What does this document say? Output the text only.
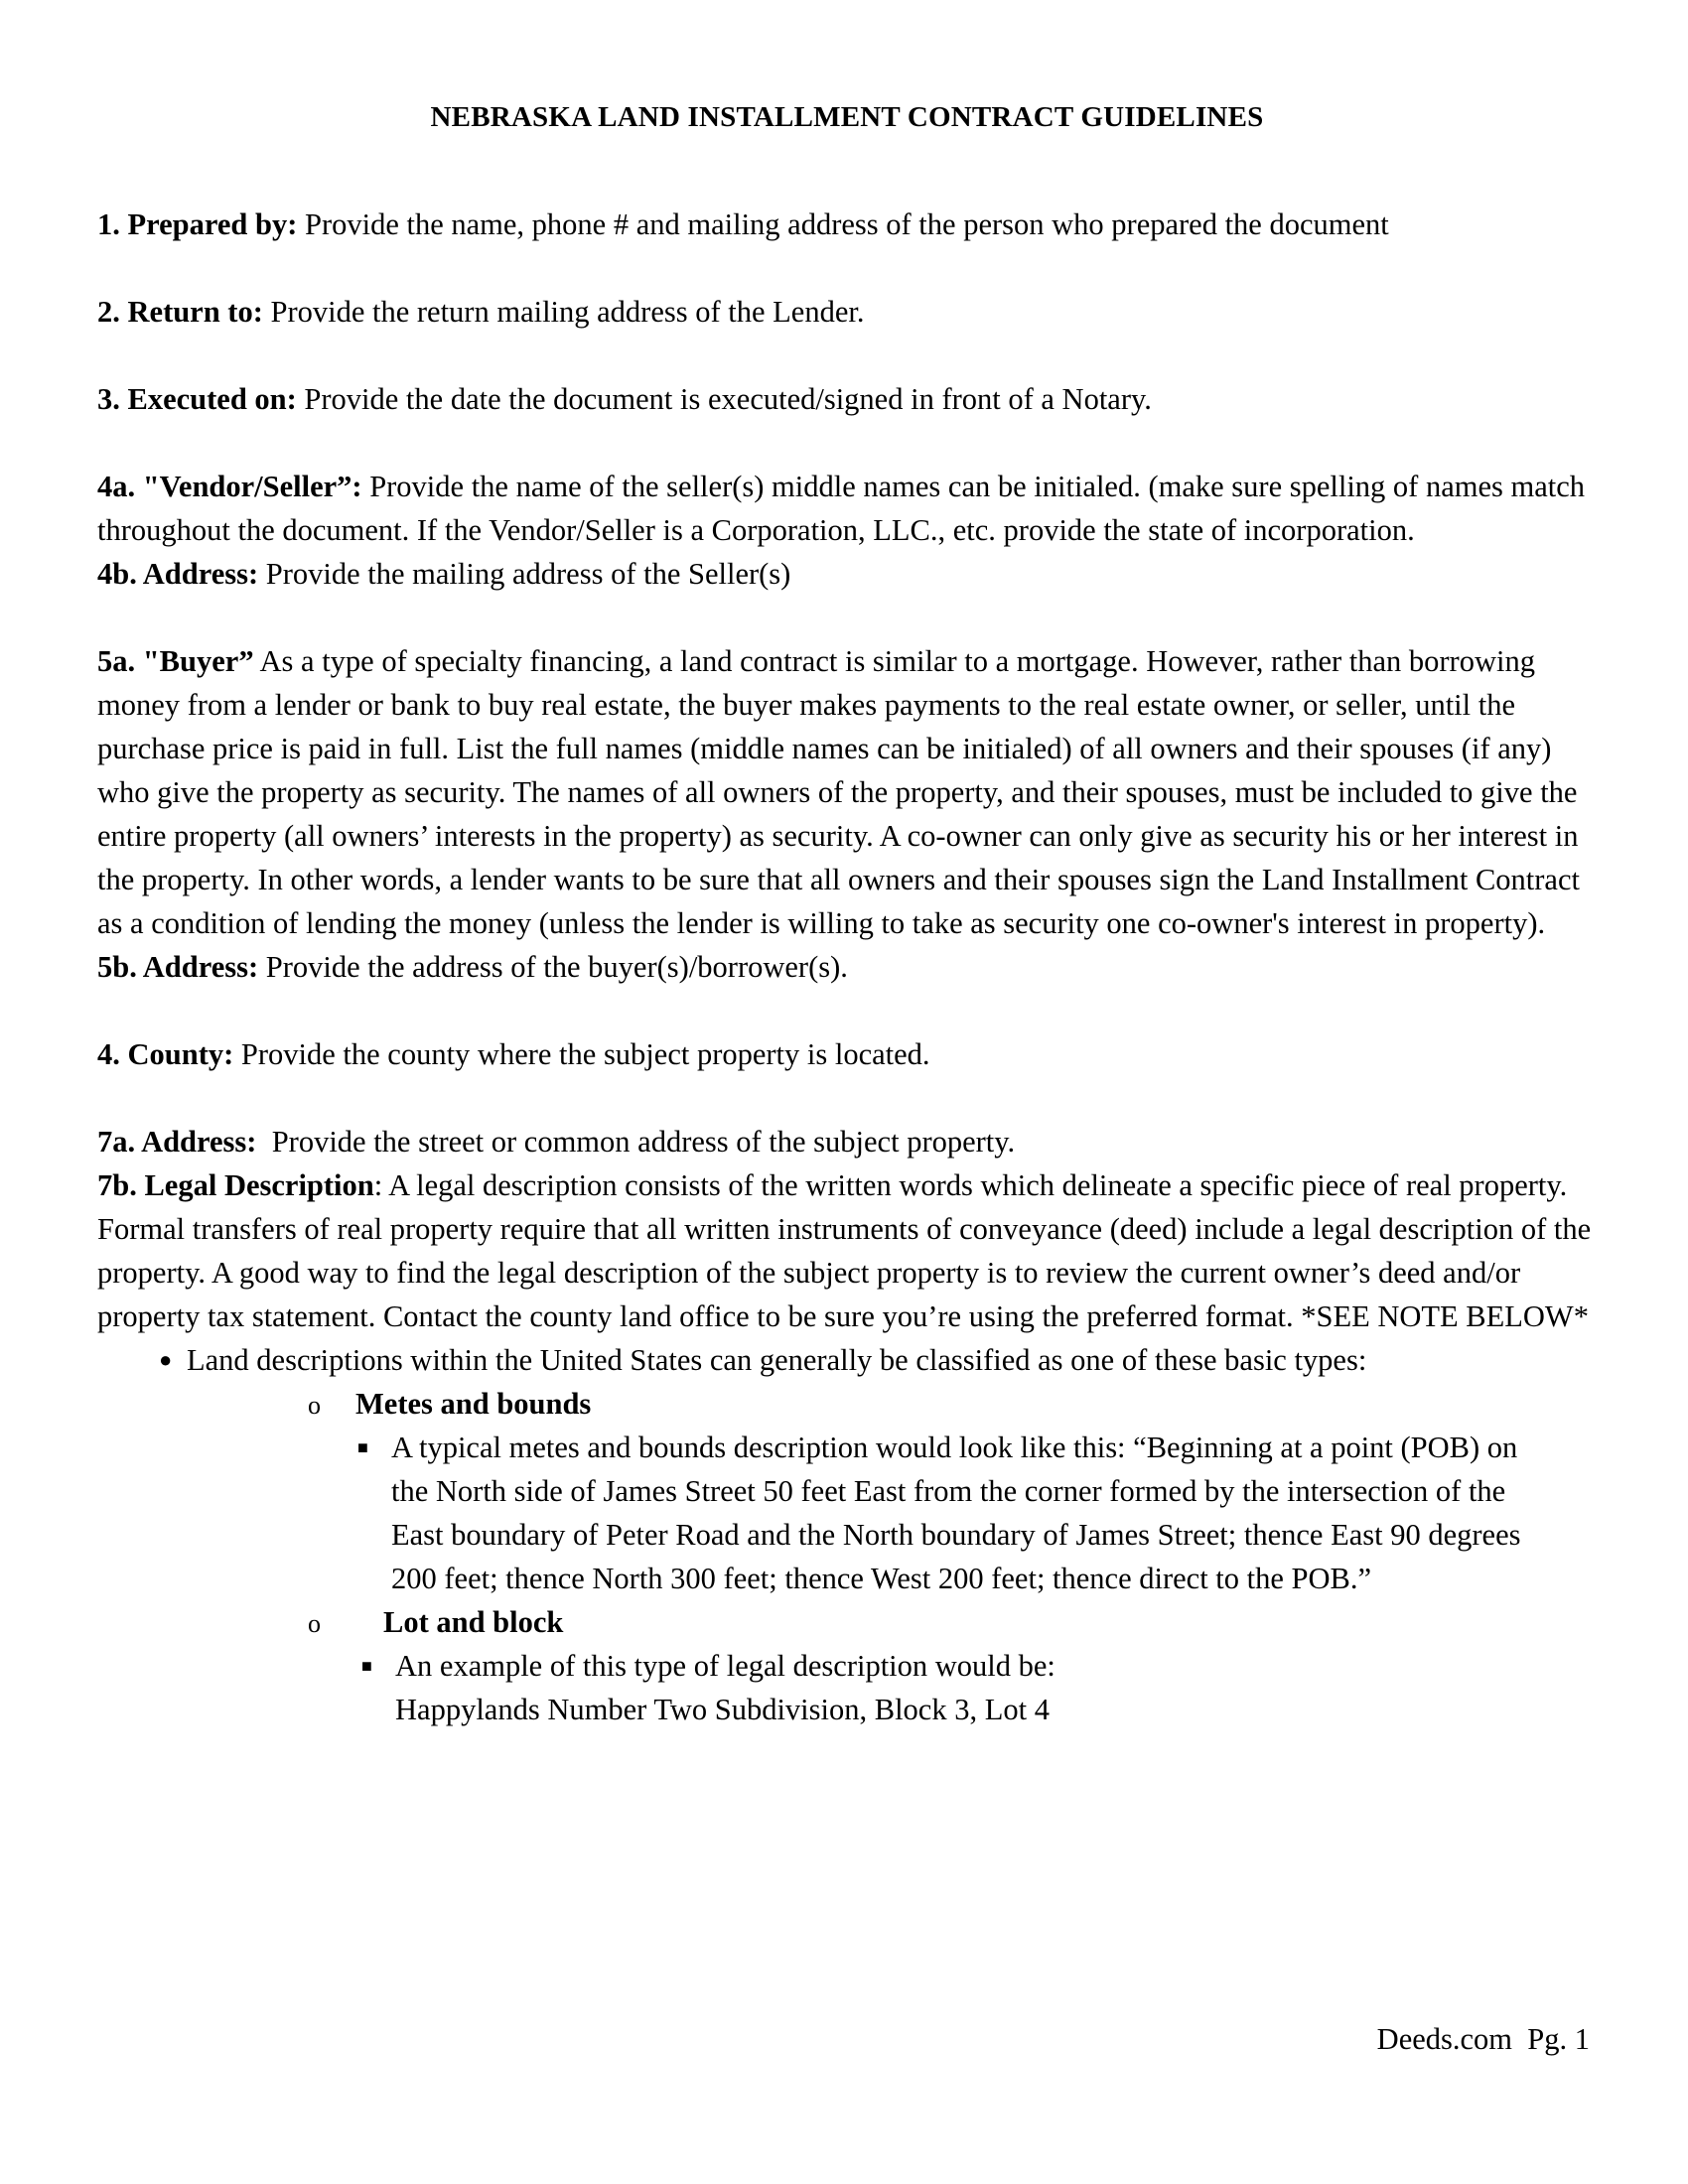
NEBRASKA LAND INSTALLMENT CONTRACT GUIDELINES

1. Prepared by: Provide the name, phone # and mailing address of the person who prepared the document

2. Return to: Provide the return mailing address of the Lender.

3. Executed on: Provide the date the document is executed/signed in front of a Notary.

4a. "Vendor/Seller”: Provide the name of the seller(s) middle names can be initialed. (make sure spelling of names match throughout the document. If the Vendor/Seller is a Corporation, LLC., etc. provide the state of incorporation.

4b. Address: Provide the mailing address of the Seller(s)

5a. "Buyer” As a type of specialty financing, a land contract is similar to a mortgage. However, rather than borrowing money from a lender or bank to buy real estate, the buyer makes payments to the real estate owner, or seller, until the purchase price is paid in full. List the full names (middle names can be initialed) of all owners and their spouses (if any) who give the property as security. The names of all owners of the property, and their spouses, must be included to give the entire property (all owners’ interests in the property) as security. A co-owner can only give as security his or her interest in the property. In other words, a lender wants to be sure that all owners and their spouses sign the Land Installment Contract as a condition of lending the money (unless the lender is willing to take as security one co-owner's interest in property).

5b. Address: Provide the address of the buyer(s)/borrower(s).

4. County: Provide the county where the subject property is located.

7a. Address:  Provide the street or common address of the subject property.

7b. Legal Description: A legal description consists of the written words which delineate a specific piece of real property. Formal transfers of real property require that all written instruments of conveyance (deed) include a legal description of the property. A good way to find the legal description of the subject property is to review the current owner’s deed and/or property tax statement. Contact the county land office to be sure you’re using the preferred format. *SEE NOTE BELOW*

● Land descriptions within the United States can generally be classified as one of these basic types:
o Metes and bounds
■ A typical metes and bounds description would look like this: “Beginning at a point (POB) on the North side of James Street 50 feet East from the corner formed by the intersection of the East boundary of Peter Road and the North boundary of James Street; thence East 90 degrees 200 feet; thence North 300 feet; thence West 200 feet; thence direct to the POB.”
o Lot and block
■ An example of this type of legal description would be:
Happylands Number Two Subdivision, Block 3, Lot 4
Deeds.com  Pg. 1
